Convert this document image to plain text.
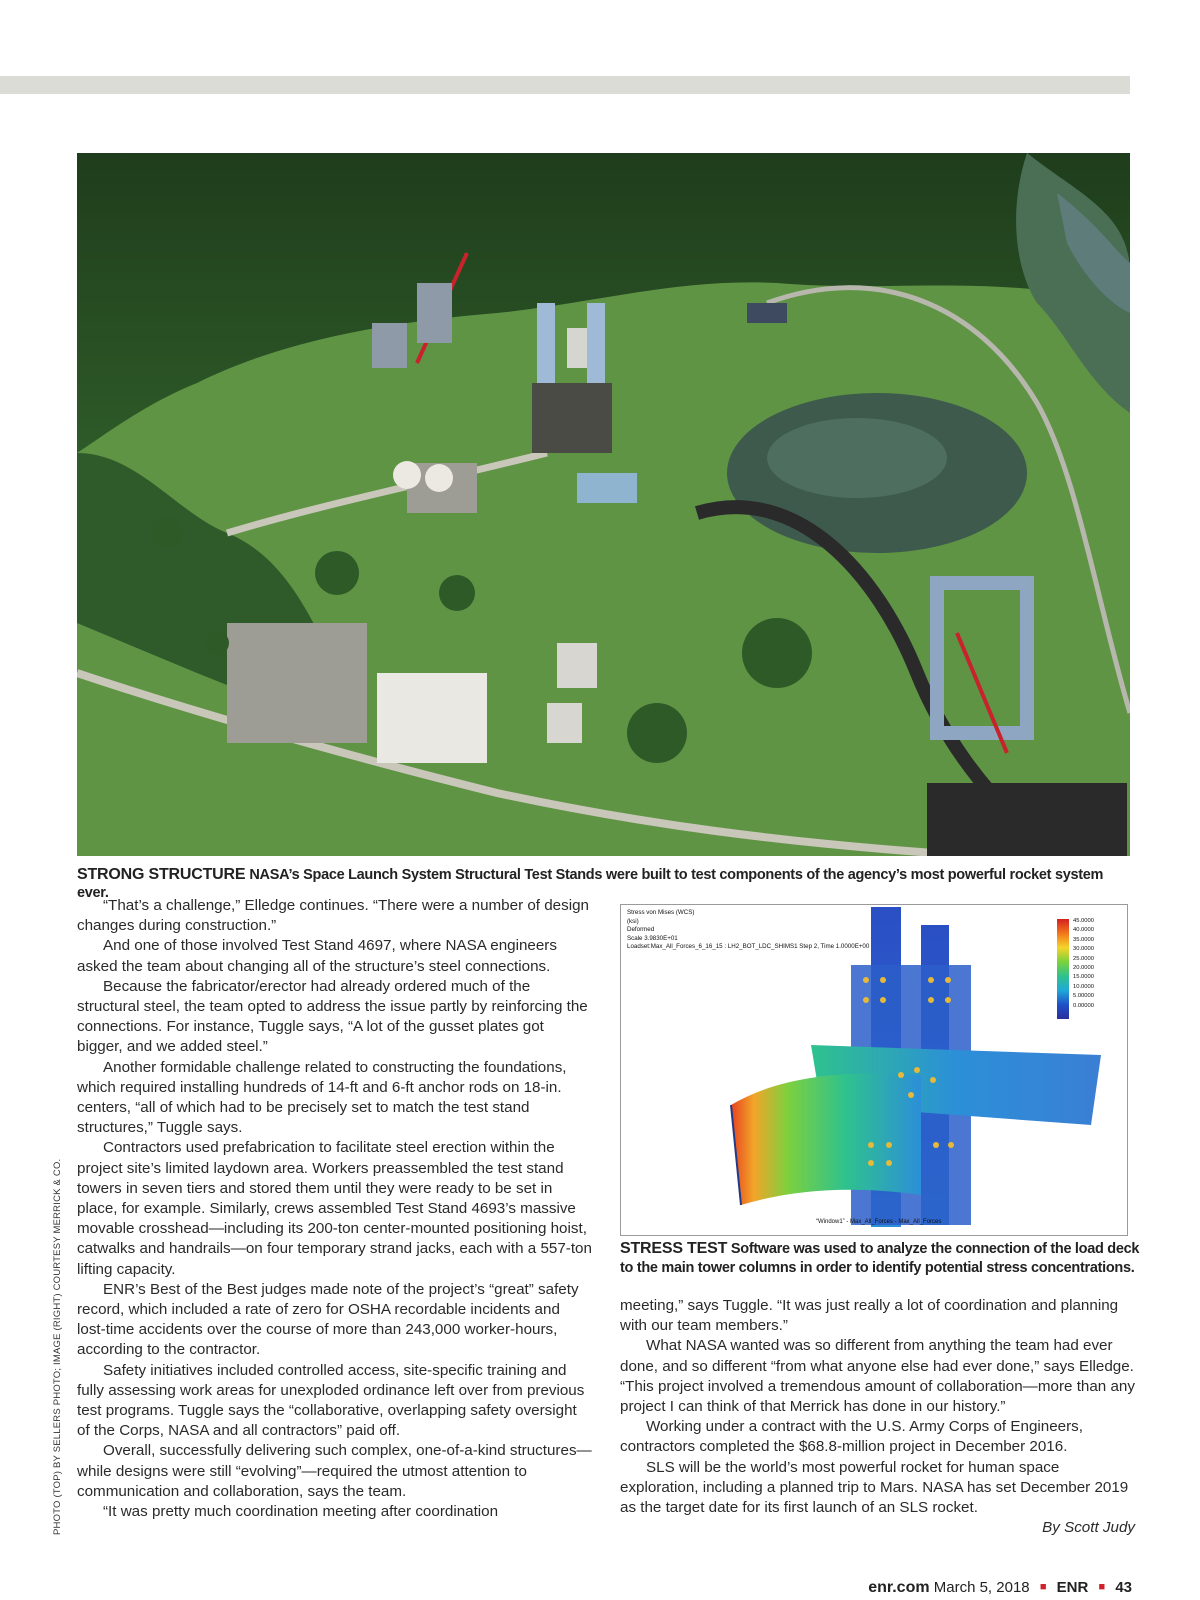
STRONG STRUCTURE NASA’s Space Launch System Structural Test Stands were built to test components of the agency’s most powerful rocket system ever.

“That’s a challenge,” Elledge continues. “There were a number of design changes during construction.”

And one of those involved Test Stand 4697, where NASA engineers asked the team about changing all of the structure’s steel connections.

Because the fabricator/erector had already ordered much of the structural steel, the team opted to address the issue partly by reinforcing the connections. For instance, Tuggle says, “A lot of the gusset plates got bigger, and we added steel.”

Another formidable challenge related to constructing the foundations, which required installing hundreds of 14-ft and 6-ft anchor rods on 18-in. centers, “all of which had to be precisely set to match the test stand structures,” Tuggle says.

Contractors used prefabrication to facilitate steel erection within the project site’s limited laydown area. Workers preassembled the test stand towers in seven tiers and stored them until they were ready to be set in place, for example. Similarly, crews assembled Test Stand 4693’s massive movable crosshead—including its 200-ton center-mounted positioning hoist, catwalks and handrails—on four temporary strand jacks, each with a 557-ton lifting capacity.

ENR’s Best of the Best judges made note of the project’s “great” safety record, which included a rate of zero for OSHA recordable incidents and lost-time accidents over the course of more than 243,000 worker-hours, according to the contractor.

Safety initiatives included controlled access, site-specific training and fully assessing work areas for unexploded ordinance left over from previous test programs. Tuggle says the “collaborative, overlapping safety oversight of the Corps, NASA and all contractors” paid off.

Overall, successfully delivering such complex, one-of-a-kind structures—while designs were still “evolving”—required the utmost attention to communication and collaboration, says the team.

“It was pretty much coordination meeting after coordination

Stress von Mises (WCS)
(ksi)
Deformed
Scale 3.9830E+01
Loadset:Max_All_Forces_6_16_15 : LH2_BOT_LDC_SHIMS1 Step 2, Time 1.0000E+00
45.0000
40.0000
35.0000
30.0000
25.0000
20.0000
15.0000
10.0000
5.00000
0.00000
“Window1” - Max_All_Forces - Max_All_Forces
STRESS TEST Software was used to analyze the connection of the load deck to the main tower columns in order to identify potential stress concentrations.

meeting,” says Tuggle. “It was just really a lot of coordination and planning with our team members.”

What NASA wanted was so different from anything the team had ever done, and so different “from what anyone else had ever done,” says Elledge. “This project involved a tremendous amount of collaboration—more than any project I can think of that Merrick has done in our history.”

Working under a contract with the U.S. Army Corps of Engineers, contractors completed the $68.8-million project in December 2016.

SLS will be the world’s most powerful rocket for human space exploration, including a planned trip to Mars. NASA has set December 2019 as the target date for its first launch of an SLS rocket.

By Scott Judy
PHOTO (TOP) BY SELLERS PHOTO; IMAGE (RIGHT) COURTESY MERRICK & CO.
enr.com March 5, 2018 ■ ENR ■ 43
